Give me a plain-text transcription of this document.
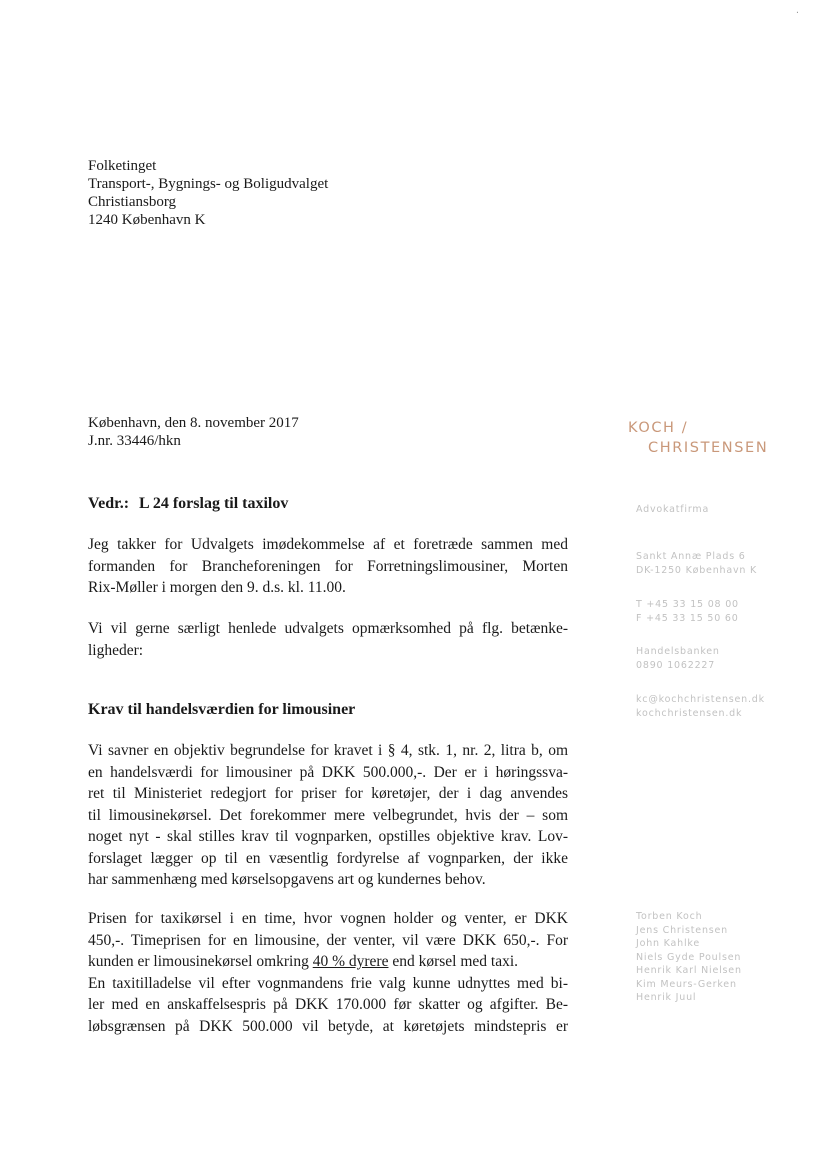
·
Folketinget
Transport-, Bygnings- og Boligudvalget
Christiansborg
1240 København K
København, den 8. november 2017
J.nr. 33446/hkn
Vedr.: L 24 forslag til taxilov
Jeg takker for Udvalgets imødekommelse af et foretræde sammen med
formanden for Brancheforeningen for Forretningslimousiner, Morten
Rix-Møller i morgen den 9. d.s. kl. 11.00.
Vi vil gerne særligt henlede udvalgets opmærksomhed på flg. betænke-
ligheder:
Krav til handelsværdien for limousiner
Vi savner en objektiv begrundelse for kravet i § 4, stk. 1, nr. 2, litra b, om
en handelsværdi for limousiner på DKK 500.000,-. Der er i høringssva-
ret til Ministeriet redegjort for priser for køretøjer, der i dag anvendes
til limousinekørsel. Det forekommer mere velbegrundet, hvis der – som
noget nyt - skal stilles krav til vognparken, opstilles objektive krav. Lov-
forslaget lægger op til en væsentlig fordyrelse af vognparken, der ikke
har sammenhæng med kørselsopgavens art og kundernes behov.
Prisen for taxikørsel i en time, hvor vognen holder og venter, er DKK
450,-. Timeprisen for en limousine, der venter, vil være DKK 650,-. For
kunden er limousinekørsel omkring 40 % dyrere end kørsel med taxi.
En taxitilladelse vil efter vognmandens frie valg kunne udnyttes med bi-
ler med en anskaffelsespris på DKK 170.000 før skatter og afgifter. Be-
løbsgrænsen på DKK 500.000 vil betyde, at køretøjets mindstepris er
KOCH /
CHRISTENSEN
Advokatfirma
Sankt Annæ Plads 6
DK-1250 København K
T +45 33 15 08 00
F +45 33 15 50 60
Handelsbanken
0890 1062227
kc@kochchristensen.dk
kochchristensen.dk
Torben Koch
Jens Christensen
John Kahlke
Niels Gyde Poulsen
Henrik Karl Nielsen
Kim Meurs-Gerken
Henrik Juul
